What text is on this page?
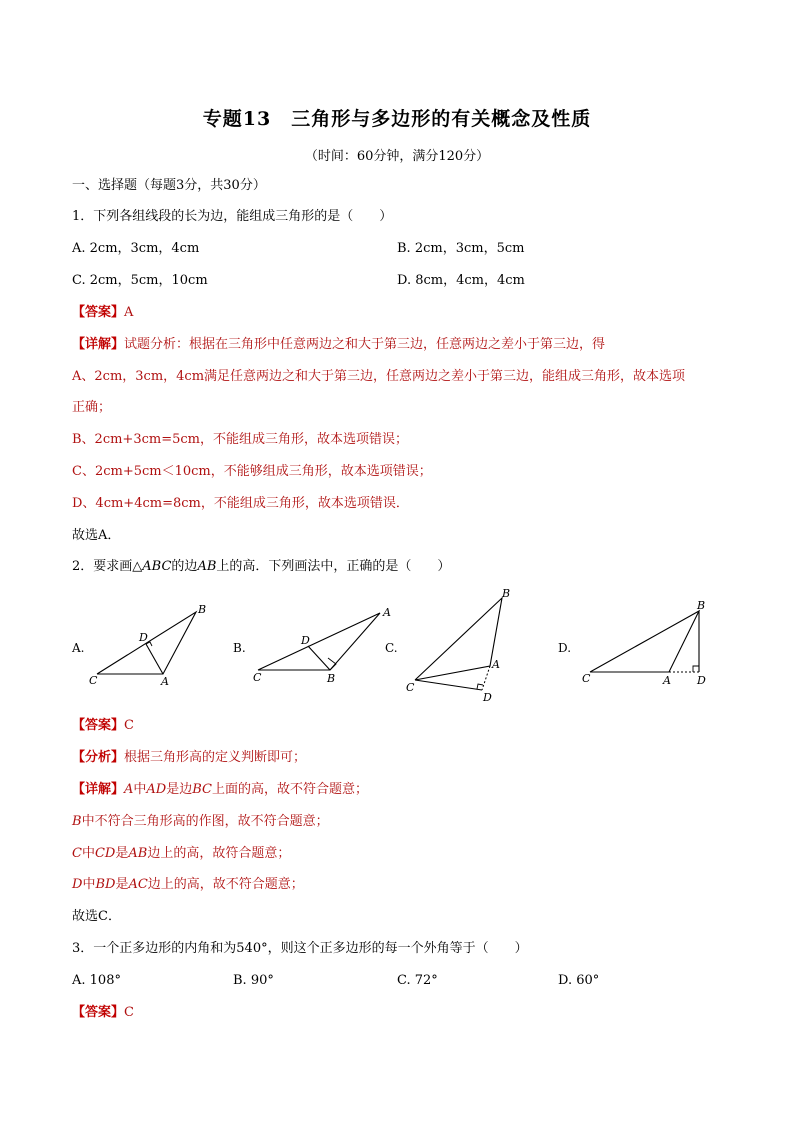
专题13　三角形与多边形的有关概念及性质
（时间：60分钟，满分120分）
一、选择题（每题3分，共30分）
1．下列各组线段的长为边，能组成三角形的是（　　）
A. 2cm，3cm，4cm	B. 2cm，3cm，5cm
C. 2cm，5cm，10cm	D. 8cm，4cm，4cm
【答案】A
【详解】试题分析：根据在三角形中任意两边之和大于第三边，任意两边之差小于第三边，得
A、2cm，3cm，4cm满足任意两边之和大于第三边，任意两边之差小于第三边，能组成三角形，故本选项
正确；
B、2cm+3cm=5cm，不能组成三角形，故本选项错误；
C、2cm+5cm＜10cm，不能够组成三角形，故本选项错误；
D、4cm+4cm=8cm，不能组成三角形，故本选项错误．
故选A．
2．要求画△ABC的边AB上的高．下列画法中，正确的是（　　）
A.
B
D
C	A
B.
A
D
C	B
C.
B
A
C
D
D.
B
C	A D
【答案】C
【分析】根据三角形高的定义判断即可；
【详解】A中AD是边BC上面的高，故不符合题意；
B中不符合三角形高的作图，故不符合题意；
C中CD是AB边上的高，故符合题意；
D中BD是AC边上的高，故不符合题意；
故选C．
3．一个正多边形的内角和为540°，则这个正多边形的每一个外角等于（　　）
A. 108°	B. 90°	C. 72°	D. 60°
【答案】C
